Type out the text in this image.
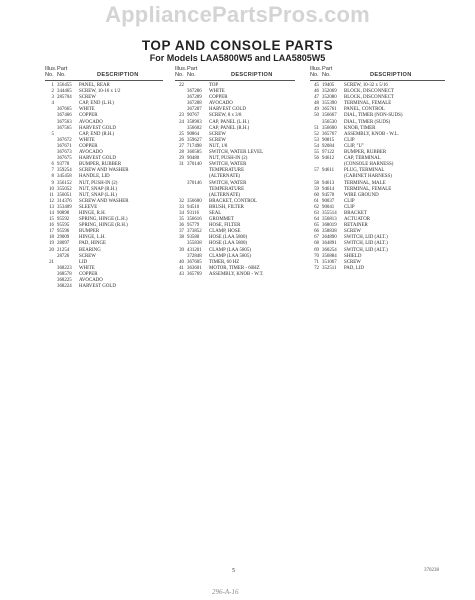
AppliancePartsPros.com
TOP AND CONSOLE PARTS
For Models LAA5800W5 and LAA5805W5
Illus. Part
No. No.	DESCRIPTION
1 356455 PANEL, REAR
2 344465 SCREW, 10-16 x 1/2
3 285704 SCREW
4	CAP, END (L.H.)
367665 WHITE
367466 COPPER
367563 AVOCADO
367565 HARVEST GOLD
5	CAP, END (R.H.)
367672 WHITE
367671 COPPER
367673 AVOCADO
367675 HARVEST GOLD
6 93778 BUMPER, RUBBER
7 359254 SCREW AND WASHER
8 345458 HANDLE, LID
9 356152 NUT, PUSH-IN (2)
10 355052 NUT, SNAP (R.H.)
11 356051 NUT, SNAP (L.H.)
12 314376 SCREW AND WASHER
13 353409 SLEEVE
14 90898 HINGE, R.H.
15 95592 SPRING, HINGE (L.H.)
16 95595 SPRING, HINGE (R.H.)
17 95596 BUMPER
18 29009 HINGE, L.H.
19 28097 PAD, HINGE
20 21254 BEARING
28726 SCREW
21	LID
368223 WHITE
368578 COPPER
368225 AVOCADO
368224 HARVEST GOLD
Illus. Part
No. No.	DESCRIPTION
22	TOP
367286 WHITE
367289 COPPER
367288 AVOCADO
367287 HARVEST GOLD
23 90767 SCREW, 8 x 3/8
24 358903 CAP, PANEL (L.H.)
356602 CAP, PANEL (R.H.)
25 90864 SCREW
26 359627 SCREW
27 717498 NUT, 1/8
28 360585 SWITCH, WATER LEVEL
29 90480 NUT, PUSH-IN (2)
31 370140 SWITCH, WATER
TEMPERATURE
(ALTERNATE)
370146 SWITCH, WATER
TEMPERATURE
(ALTERNATE)
32 356600 BRACKET, CONTROL
33 94510 BRUSH, FILTER
34 93116 SEAL
35 356616 GROMMET
36 95779 HOSE, FILTER
37 373852 CLAMP, HOSE
38 93580 HOSE (LAA 5800)
355838 HOSE (LAA 5800)
39 431201 CLAMP (LAA 5805)
372848 CLAMP (LAA 5805)
40 367605 TIMER, 60 HZ
41 363601 MOTOR, TIMER - 60HZ
43 365769 ASSEMBLY, KNOB - W.T.
Illus. Part
No. No.	DESCRIPTION
45 19405 SCREW, 10-32 x 5/16
46 352069 BLOCK, DISCONNECT
47 352080 BLOCK, DISCONNECT
48 355390 TERMINAL, FEMALE
49 365761 PANEL, CONTROL
50 356667 DIAL, TIMER (NON-SUDS)
356530 DIAL, TIMER (SUDS)
51 356600 KNOB, TIMER
52 365767 ASSEMBLY, KNOB - W.L.
53 90815 CLIP
54 92084 CLIP, "U"
55 97122 BUMPER, RUBBER
56 94612 CAP, TERMINAL
(CONSOLE HARNESS)
57 94611 PLUG, TERMINAL
(CABINET HARNESS)
58 94613 TERMINAL, MALE
59 94614 TERMINAL, FEMALE
60 94570 WIRE GROUND
61 90037 CLIP
62 90041 CLIP
63 355514 BRACKET
64 356813 ACTUATOR
65 368019 RETAINER
66 358838 SCREW
67 364890 SWITCH, LID (ALT.)
68 364891 SWITCH, LID (ALT.)
69 360254 SWITCH, LID (ALT.)
70 356884 SHIELD
71 351067 SCREW
72 352511 PAD, LID
5	370238
296-A-16
